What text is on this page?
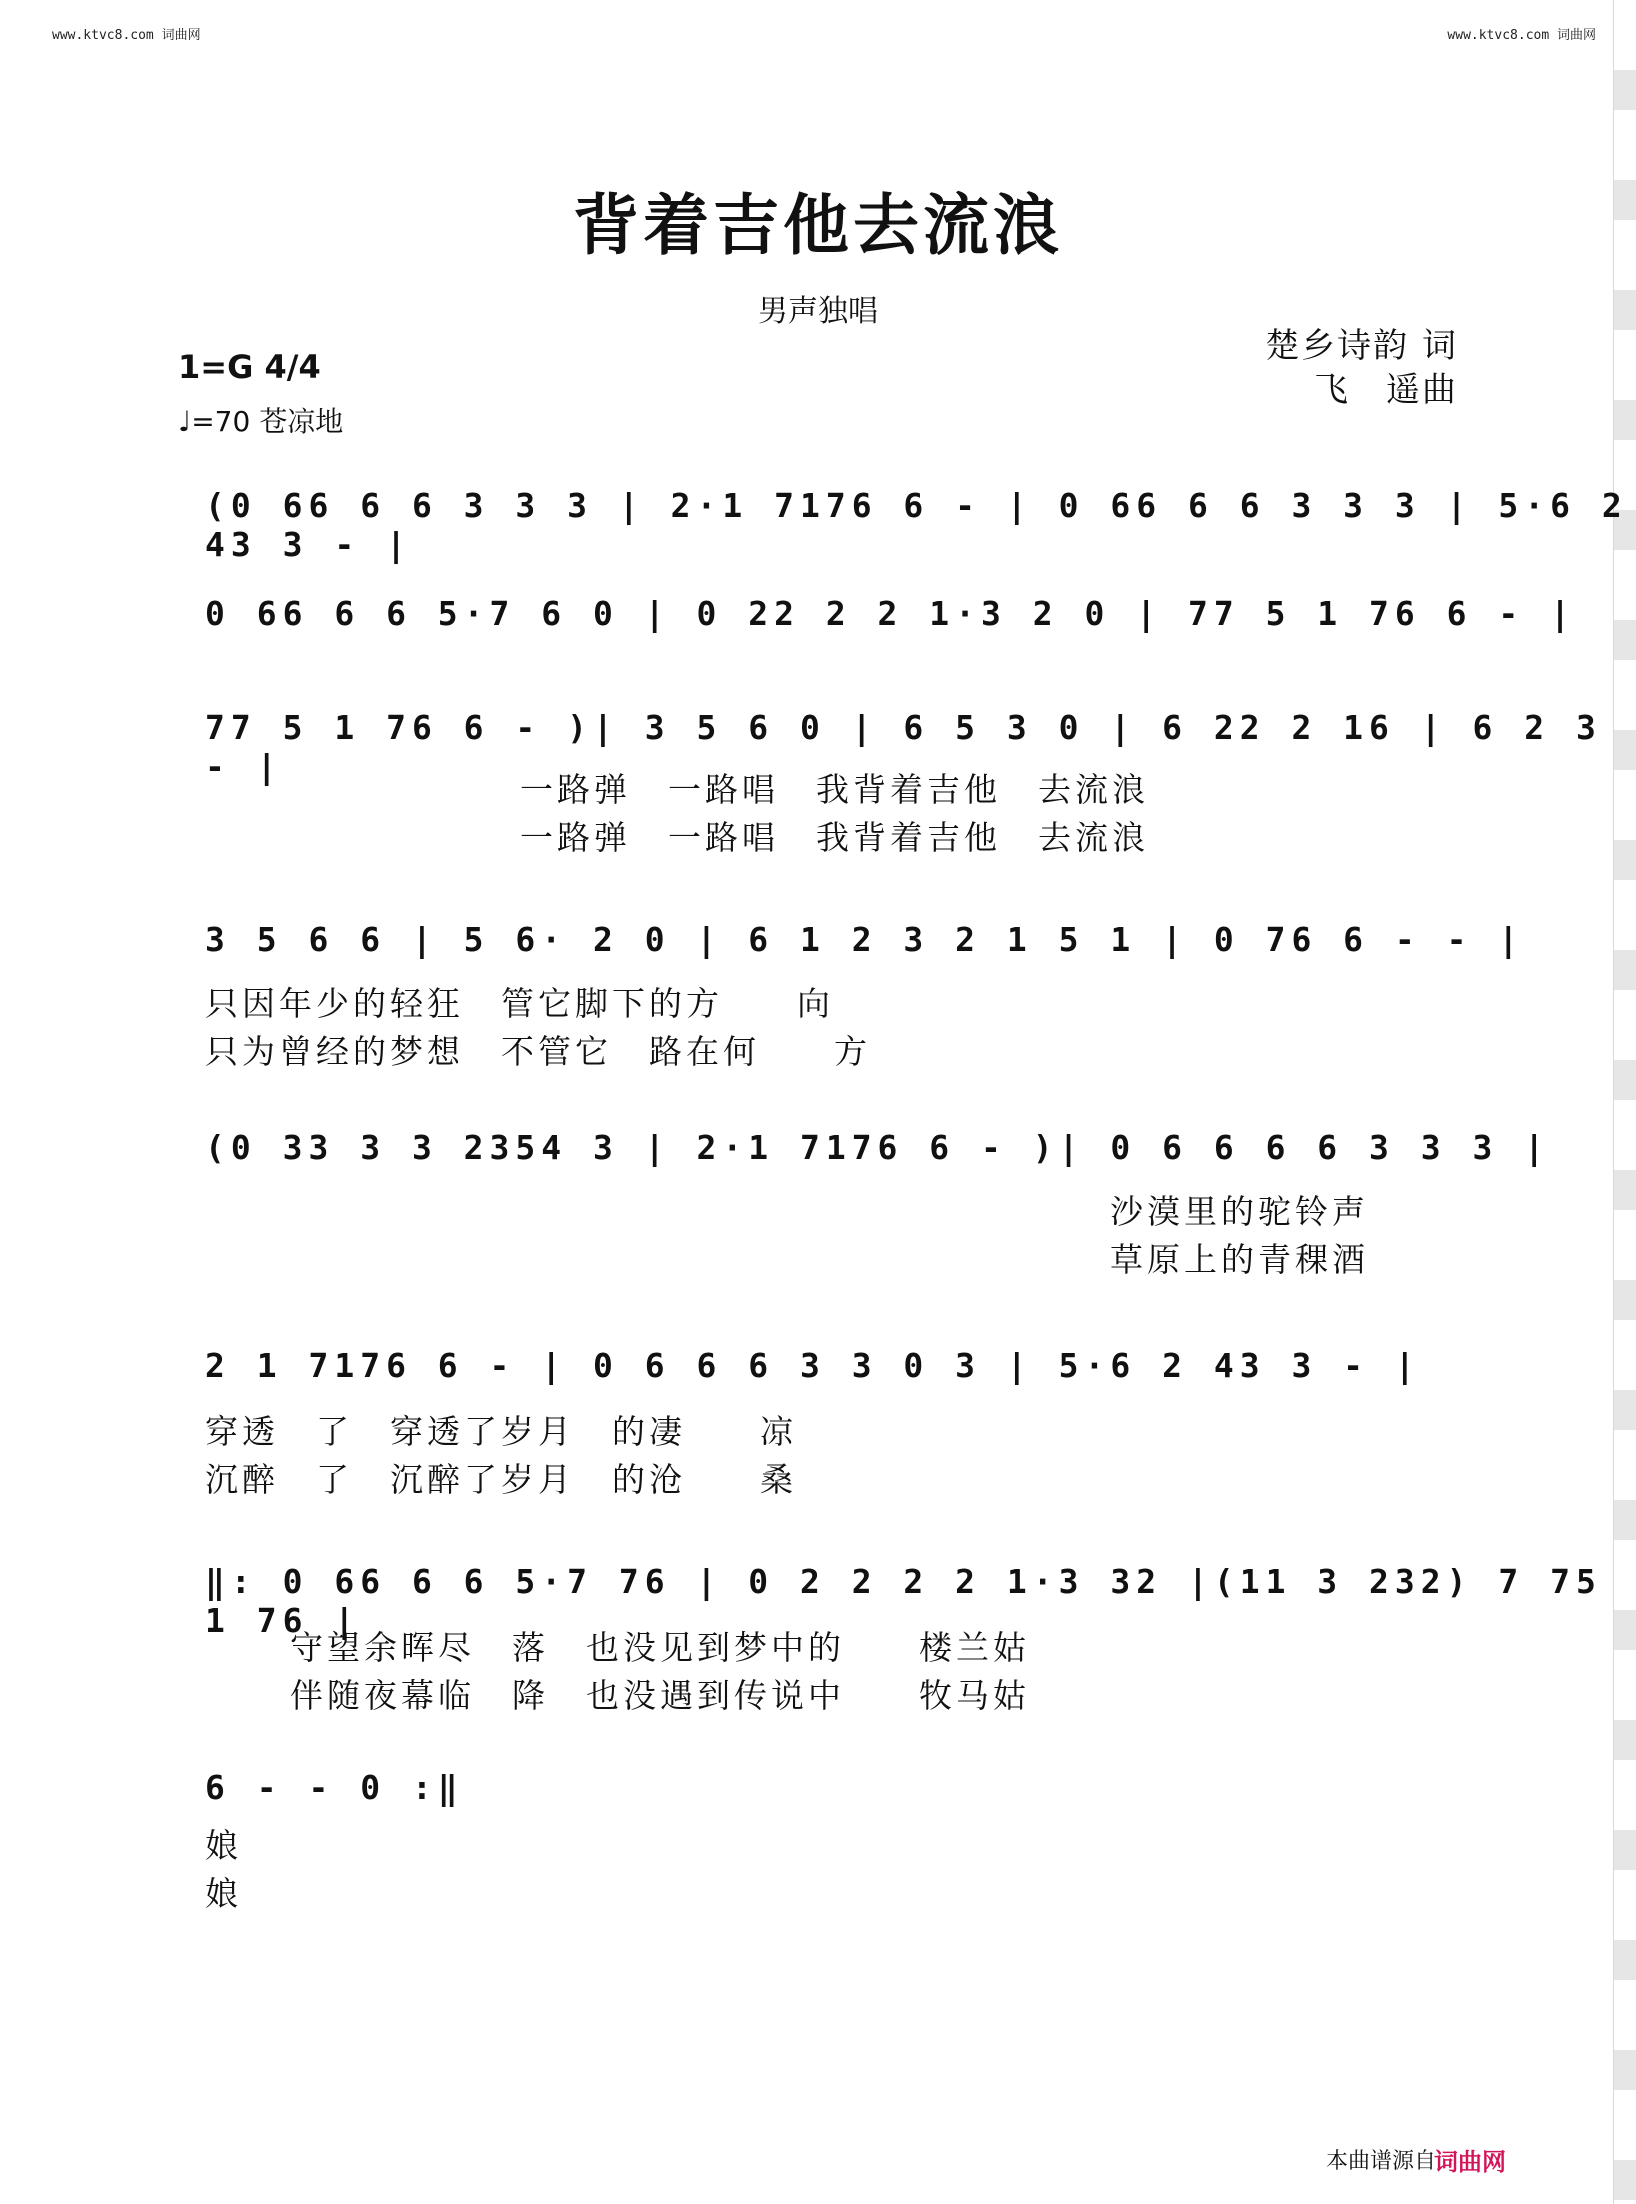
www.ktvc8.com 词曲网	www.ktvc8.com 词曲网
背着吉他去流浪
男声独唱
楚乡诗韵 词
飞　遥曲
1=G 4/4
♩=70 苍凉地
(0 66 6 6 3 3 3 | 2·1 7176 6 - | 0 66 6 6 3 3 3 | 5·6 2 43 3 - |
0 66 6 6 5·7 6 0 | 0 22 2 2 1·3 2 0 | 77 5 1 76 6 - |
77 5 1 76 6 - )| 3 5 6 0 | 6 5 3 0 | 6 22 2 16 | 6 2 3 - |
一路弹　一路唱　我背着吉他　去流浪
一路弹　一路唱　我背着吉他　去流浪
3 5 6 6 | 5 6· 2 0 | 6 1 2 3 2 1 5 1 | 0 76 6 - - |
只因年少的轻狂　管它脚下的方　　向
只为曾经的梦想　不管它　路在何　　方
(0 33 3 3 2354 3 | 2·1 7176 6 - )| 0 6 6 6 6 3 3 3 |
沙漠里的驼铃声
草原上的青稞酒
2 1 7176 6 - | 0 6 6 6 3 3 0 3 | 5·6 2 43 3 - |
穿透　了　穿透了岁月　的凄　　凉
沉醉　了　沉醉了岁月　的沧　　桑
‖: 0 66 6 6 5·7 76 | 0 2 2 2 2 1·3 32 |(11 3 232) 7 75 1 76 |
守望余晖尽　落　也没见到梦中的　　楼兰姑
伴随夜幕临　降　也没遇到传说中　　牧马姑
6 - - 0 :‖
娘
娘
本曲谱源自
词曲网
